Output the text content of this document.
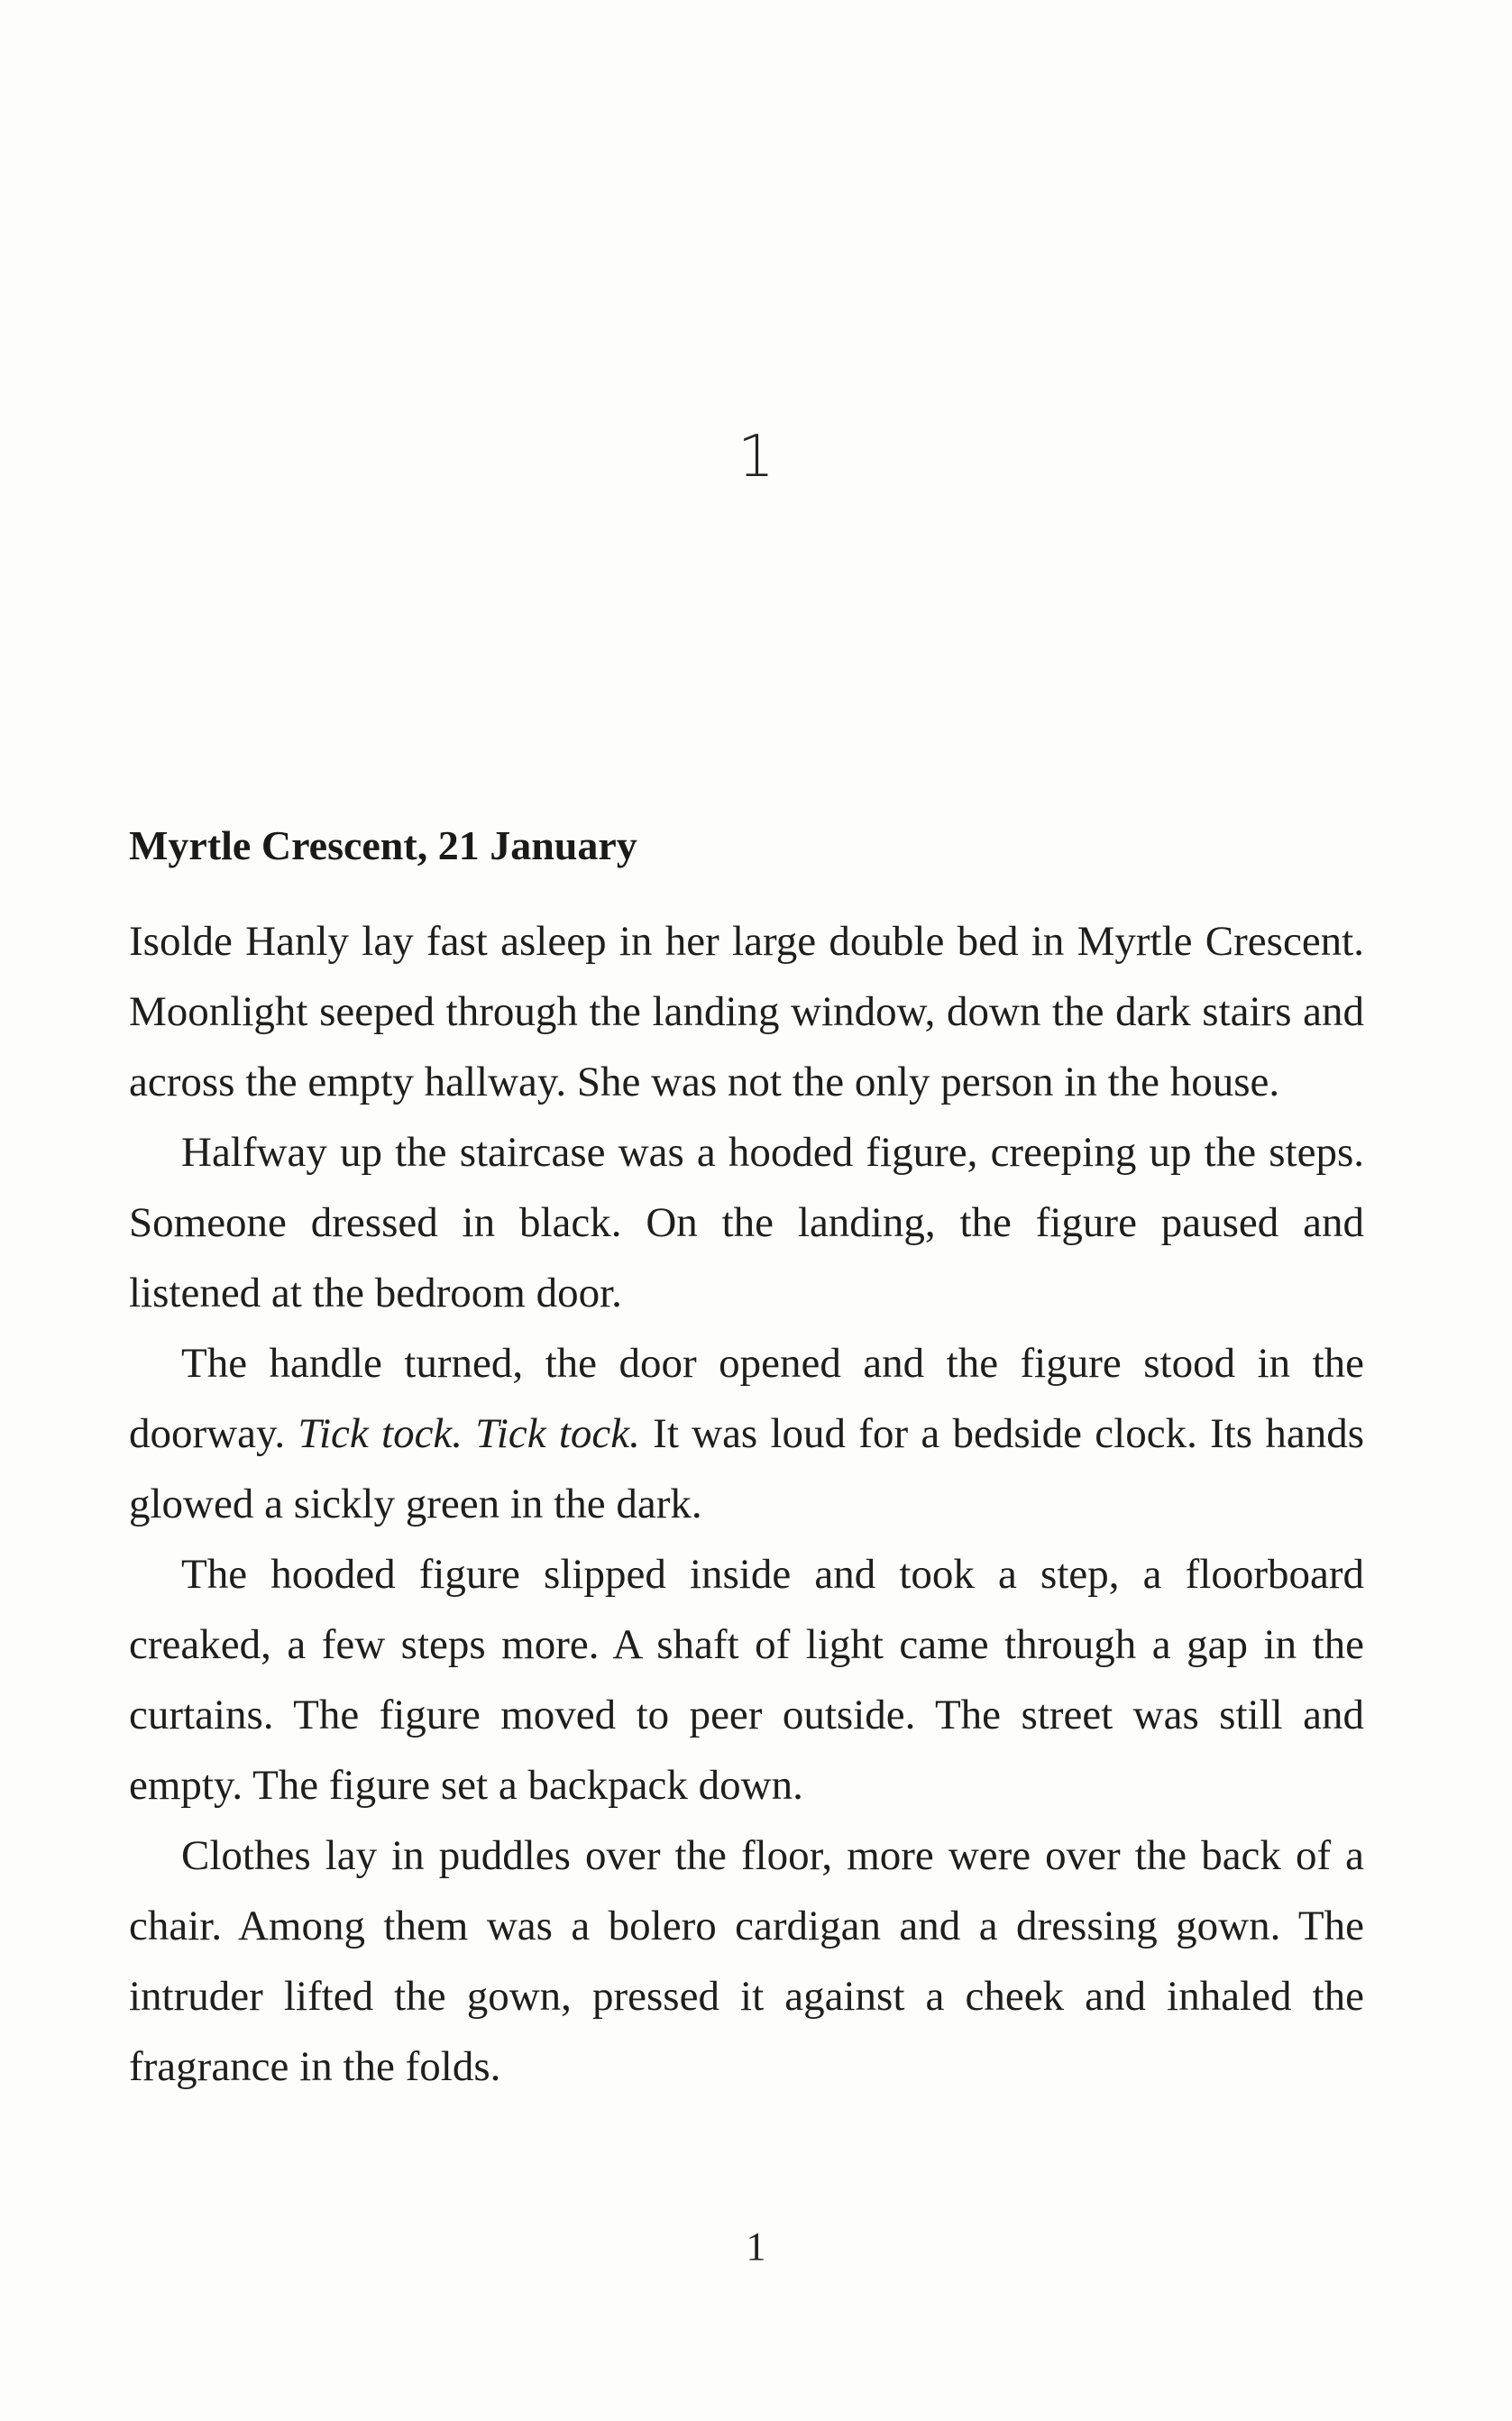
1
Myrtle Crescent, 21 January

Isolde Hanly lay fast asleep in her large double bed in Myrtle Crescent. Moonlight seeped through the landing window, down the dark stairs and across the empty hallway. She was not the only person in the house.

Halfway up the staircase was a hooded figure, creeping up the steps. Someone dressed in black. On the landing, the figure paused and listened at the bedroom door.

The handle turned, the door opened and the figure stood in the doorway. Tick tock. Tick tock. It was loud for a bedside clock. Its hands glowed a sickly green in the dark.

The hooded figure slipped inside and took a step, a floorboard creaked, a few steps more. A shaft of light came through a gap in the curtains. The figure moved to peer outside. The street was still and empty. The figure set a backpack down.

Clothes lay in puddles over the floor, more were over the back of a chair. Among them was a bolero cardigan and a dressing gown. The intruder lifted the gown, pressed it against a cheek and inhaled the fragrance in the folds.

1
